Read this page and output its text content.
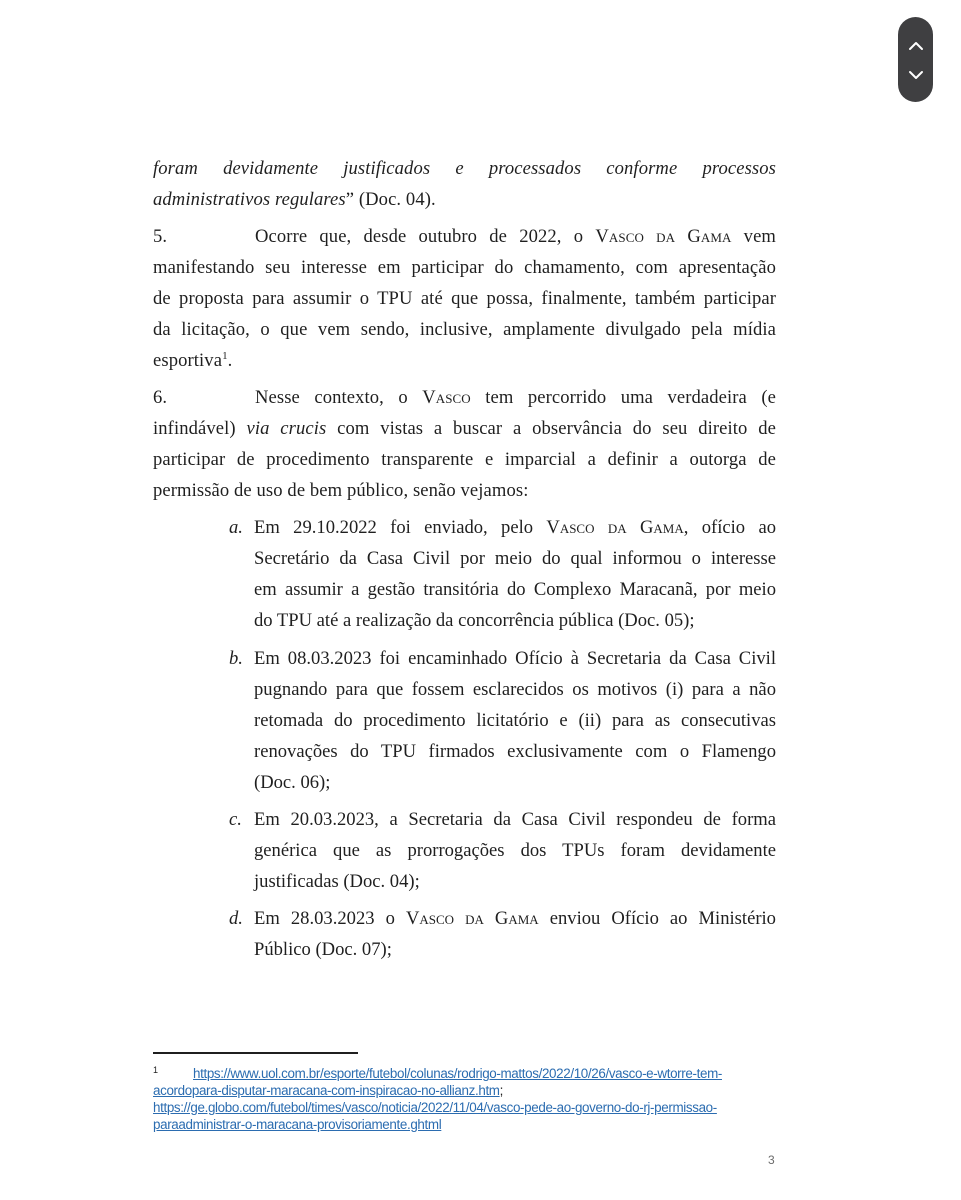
foram devidamente justificados e processados conforme processos
administrativos regulares” (Doc. 04).
5.	Ocorre que, desde outubro de 2022, o Vasco da Gama vem
manifestando seu interesse em participar do chamamento, com apresentação
de proposta para assumir o TPU até que possa, finalmente, também participar
da licitação, o que vem sendo, inclusive, amplamente divulgado pela mídia
esportiva$^1$.
6.	Nesse contexto, o Vasco tem percorrido uma verdadeira (e
infindável) via crucis com vistas a buscar a observância do seu direito de
participar de procedimento transparente e imparcial a definir a outorga de
permissão de uso de bem público, senão vejamos:
a. Em 29.10.2022 foi enviado, pelo Vasco da Gama, ofício ao
Secretário da Casa Civil por meio do qual informou o interesse
em assumir a gestão transitória do Complexo Maracanã, por meio
do TPU até a realização da concorrência pública (Doc. 05);
b. Em 08.03.2023 foi encaminhado Ofício à Secretaria da Casa Civil
pugnando para que fossem esclarecidos os motivos (i) para a não
retomada do procedimento licitatório e (ii) para as consecutivas
renovações do TPU firmados exclusivamente com o Flamengo
(Doc. 06);
c. Em 20.03.2023, a Secretaria da Casa Civil respondeu de forma
genérica que as prorrogações dos TPUs foram devidamente
justificadas (Doc. 04);
d. Em 28.03.2023 o Vasco da Gama enviou Ofício ao Ministério
Público (Doc. 07);
1	https://www.uol.com.br/esporte/futebol/colunas/rodrigo-mattos/2022/10/26/vasco-e-wtorre-tem-
acordopara-disputar-maracana-com-inspiracao-no-allianz.htm;
https://ge.globo.com/futebol/times/vasco/noticia/2022/11/04/vasco-pede-ao-governo-do-rj-permissao-
paraadministrar-o-maracana-provisoriamente.ghtml
3
